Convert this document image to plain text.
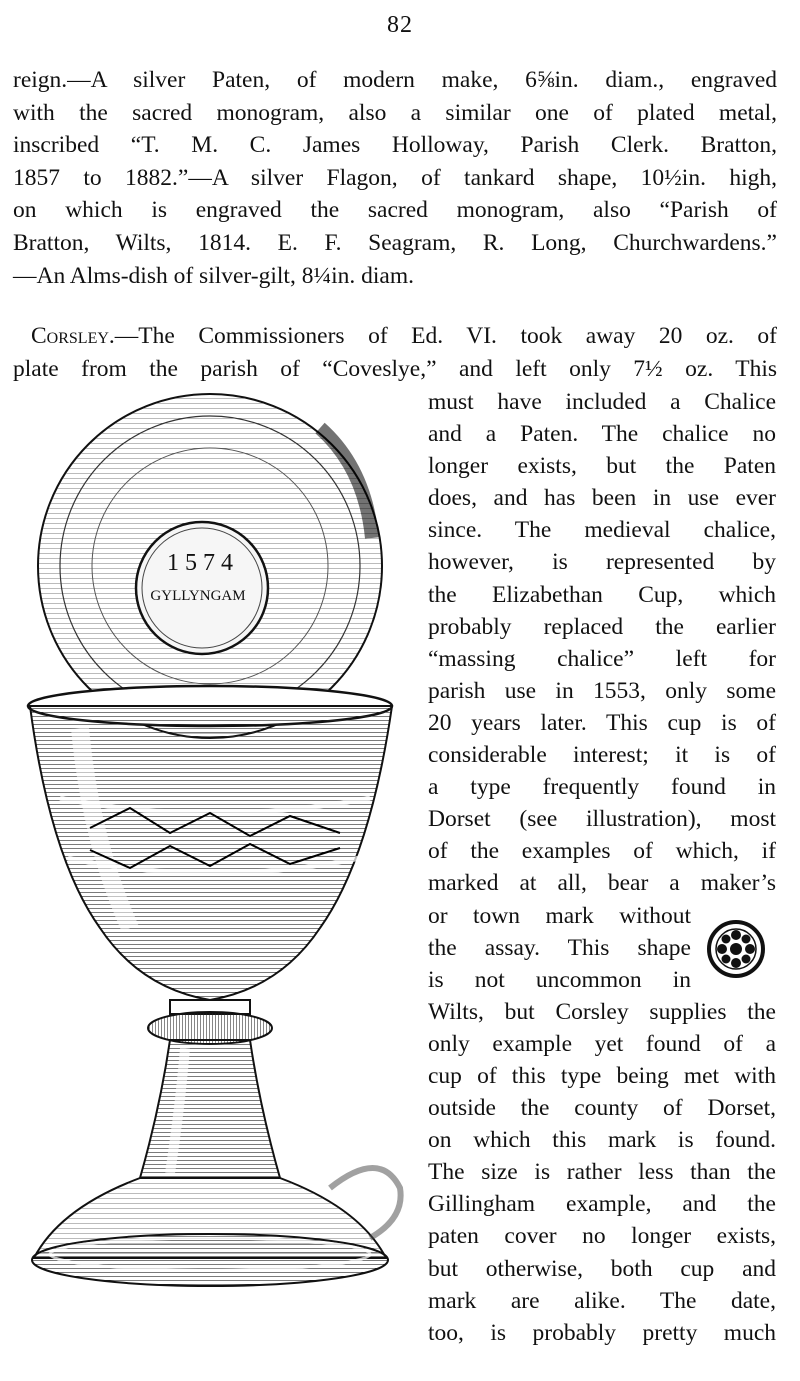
82
reign.—A silver Paten, of modern make, 6⅝in. diam., engraved
with the sacred monogram, also a similar one of plated metal,
inscribed “T. M. C. James Holloway, Parish Clerk. Bratton,
1857 to 1882.”—A silver Flagon, of tankard shape, 10½in. high,
on which is engraved the sacred monogram, also “Parish of
Bratton, Wilts, 1814. E. F. Seagram, R. Long, Churchwardens.”
—An Alms-dish of silver-gilt, 8¼in. diam.
Corsley.—The Commissioners of Ed. VI. took away 20 oz. of
plate from the parish of “Coveslye,” and left only 7½ oz. This
1 5 7 4
GYLLYNGAM
must have included a Chalice
and a Paten. The chalice no
longer exists, but the Paten
does, and has been in use ever
since. The medieval chalice,
however, is represented by
the Elizabethan Cup, which
probably replaced the earlier
“massing chalice” left for
parish use in 1553, only some
20 years later. This cup is of
considerable interest; it is of
a type frequently found in
Dorset (see illustration), most
of the examples of which, if
marked at all, bear a maker’s
or town mark without
the assay. This shape
is not uncommon in
Wilts, but Corsley supplies the
only example yet found of a
cup of this type being met with
outside the county of Dorset,
on which this mark is found.
The size is rather less than the
Gillingham example, and the
paten cover no longer exists,
but otherwise, both cup and
mark are alike. The date,
too, is probably pretty much
